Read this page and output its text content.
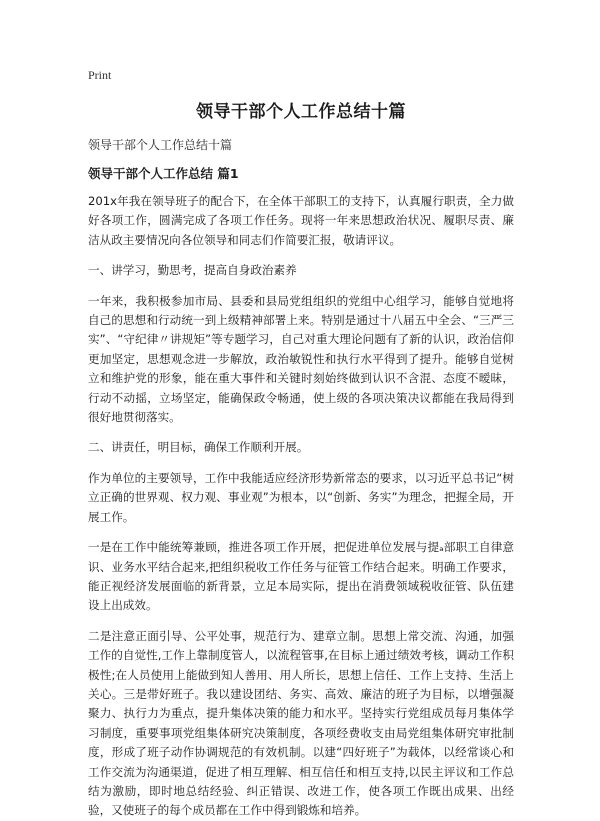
Print
领导干部个人工作总结十篇
领导干部个人工作总结十篇
领导干部个人工作总结 篇1

201x年我在领导班子的配合下，在全体干部职工的支持下，认真履行职责，全力做好各项工作，圆满完成了各项工作任务。现将一年来思想政治状况、履职尽责、廉洁从政主要情况向各位领导和同志们作简要汇报，敬请评议。

一、讲学习，勤思考，提高自身政治素养

一年来，我积极参加市局、县委和县局党组组织的党组中心组学习，能够自觉地将自己的思想和行动统一到上级精神部署上来。特别是通过十八届五中全会、“三严三实”、“守纪律〃讲规矩”等专题学习，自己对重大理论问题有了新的认识，政治信仰更加坚定，思想观念进一步解放，政治敏锐性和执行水平得到了提升。能够自觉树立和维护党的形象，能在重大事件和关键时刻始终做到认识不含混、态度不暧昧，行动不动摇，立场坚定，能确保政令畅通，使上级的各项决策决议都能在我局得到很好地贯彻落实。

二、讲责任，明目标，确保工作顺利开展。

作为单位的主要领导，工作中我能适应经济形势新常态的要求，以习近平总书记“树立正确的世界观、权力观、事业观”为根本，以“创新、务实”为理念，把握全局，开展工作。

一是在工作中能统筹兼顾，推进各项工作开展，把促进单位发展与提ₐ部职工自律意识、业务水平结合起来,把组织税收工作任务与征管工作结合起来。明确工作要求，能正视经济发展面临的新背景，立足本局实际，提出在消费领域税收征管、队伍建设上出成效。

二是注意正面引导、公平处事，规范行为、建章立制。思想上常交流、沟通，加强工作的自觉性,工作上靠制度管人，以流程管事,在目标上通过绩效考核，调动工作积极性;在人员使用上能做到知人善用、用人所长，思想上信任、工作上支持、生活上关心。三是带好班子。我以建设团结、务实、高效、廉洁的班子为目标，以增强凝聚力、执行力为重点，提升集体决策的能力和水平。坚持实行党组成员每月集体学习制度，重要事项党组集体研究决策制度，各项经费收支由局党组集体研究审批制度，形成了班子动作协调规范的有效机制。以建“四好班子”为载体，以经常谈心和工作交流为沟通渠道，促进了相互理解、相互信任和相互支持,以民主评议和工作总结为激励，即时地总结经验、纠正错误、改进工作，使各项工作既出成果、出经验，又使班子的每个成员都在工作中得到锻炼和培养。
